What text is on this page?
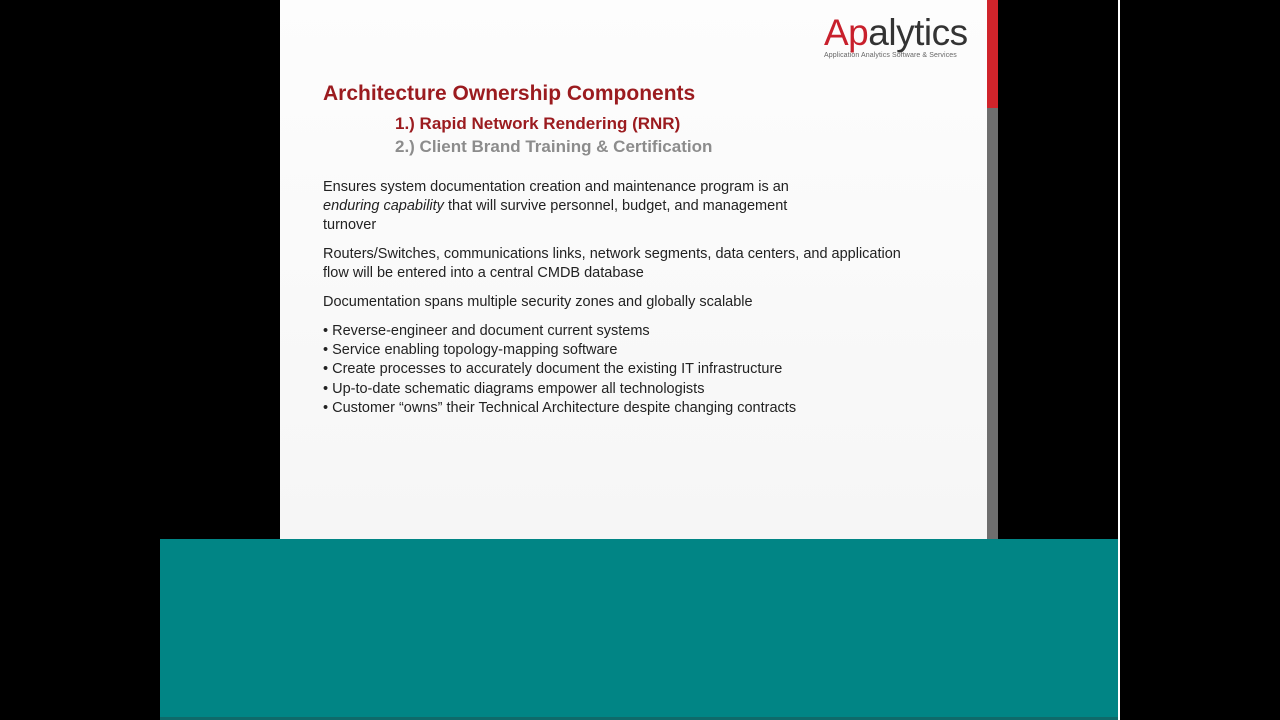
Apalytics
Application Analytics Software & Services
Architecture Ownership Components
1.) Rapid Network Rendering (RNR)
2.) Client Brand Training & Certification

Ensures system documentation creation and maintenance program is an
enduring capability that will survive personnel, budget, and management
turnover

Routers/Switches, communications links, network segments, data centers, and application flow will be entered into a central CMDB database

Documentation spans multiple security zones and globally scalable

• Reverse-engineer and document current systems
• Service enabling topology-mapping software
• Create processes to accurately document the existing IT infrastructure
• Up-to-date schematic diagrams empower all technologists
• Customer “owns” their Technical Architecture despite changing contracts
